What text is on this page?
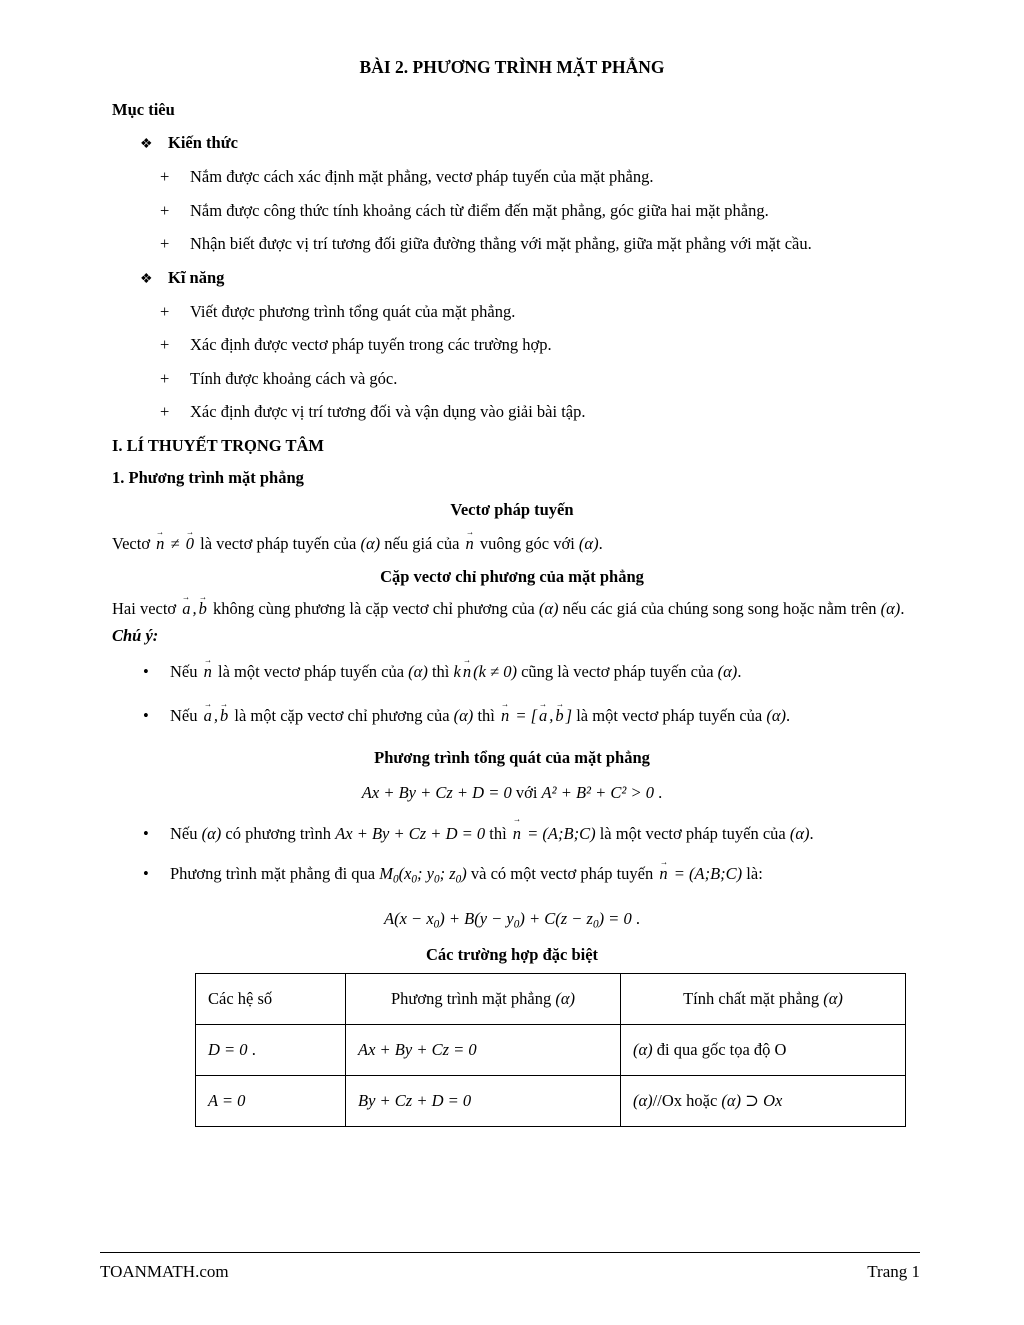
BÀI 2. PHƯƠNG TRÌNH MẶT PHẲNG

Mục tiêu

❖ Kiến thức

+ Nắm được cách xác định mặt phẳng, vectơ pháp tuyến của mặt phẳng.

+ Nắm được công thức tính khoảng cách từ điểm đến mặt phẳng, góc giữa hai mặt phẳng.

+ Nhận biết được vị trí tương đối giữa đường thẳng với mặt phẳng, giữa mặt phẳng với mặt cầu.

❖ Kĩ năng

+ Viết được phương trình tổng quát của mặt phẳng.

+ Xác định được vectơ pháp tuyến trong các trường hợp.

+ Tính được khoảng cách và góc.

+ Xác định được vị trí tương đối và vận dụng vào giải bài tập.

I. LÍ THUYẾT TRỌNG TÂM

1. Phương trình mặt phẳng

Vectơ pháp tuyến

Vectơ → n ≠ → 0 là vectơ pháp tuyến của (α) nếu giá của → n vuông góc với (α).

Cặp vectơ chỉ phương của mặt phẳng

Hai vectơ → a , → b không cùng phương là cặp vectơ chỉ phương của (α) nếu các giá của chúng song song hoặc nằm trên (α).

Chú ý:

•	Nếu → n là một vectơ pháp tuyến của (α) thì k → n (k ≠ 0) cũng là vectơ pháp tuyến của (α).
•	Nếu → a , → b là một cặp vectơ chỉ phương của (α) thì → n = [ → a , → b ] là một vectơ pháp tuyến của (α).

Phương trình tổng quát của mặt phẳng

Ax + By + Cz + D = 0 với A² + B² + C² > 0 .

•	Nếu (α) có phương trình Ax + By + Cz + D = 0 thì → n = (A;B;C) là một vectơ pháp tuyến của (α).
•	Phương trình mặt phẳng đi qua $M_0(x_0$; $y_0$; $z_0$) và có một vectơ pháp tuyến → n = (A;B;C) là:

$A(x - x_0) + B(y - y_0) + C(z - z_0) = 0$ .

Các trường hợp đặc biệt

Các hệ số	Phương trình mặt phẳng (α)	Tính chất mặt phẳng (α)
D = 0 .	Ax + By + Cz = 0	(α) đi qua gốc tọa độ O
A = 0	By + Cz + D = 0	(α)//Ox hoặc (α) ⊃ Ox
TOANMATH.com	Trang 1
